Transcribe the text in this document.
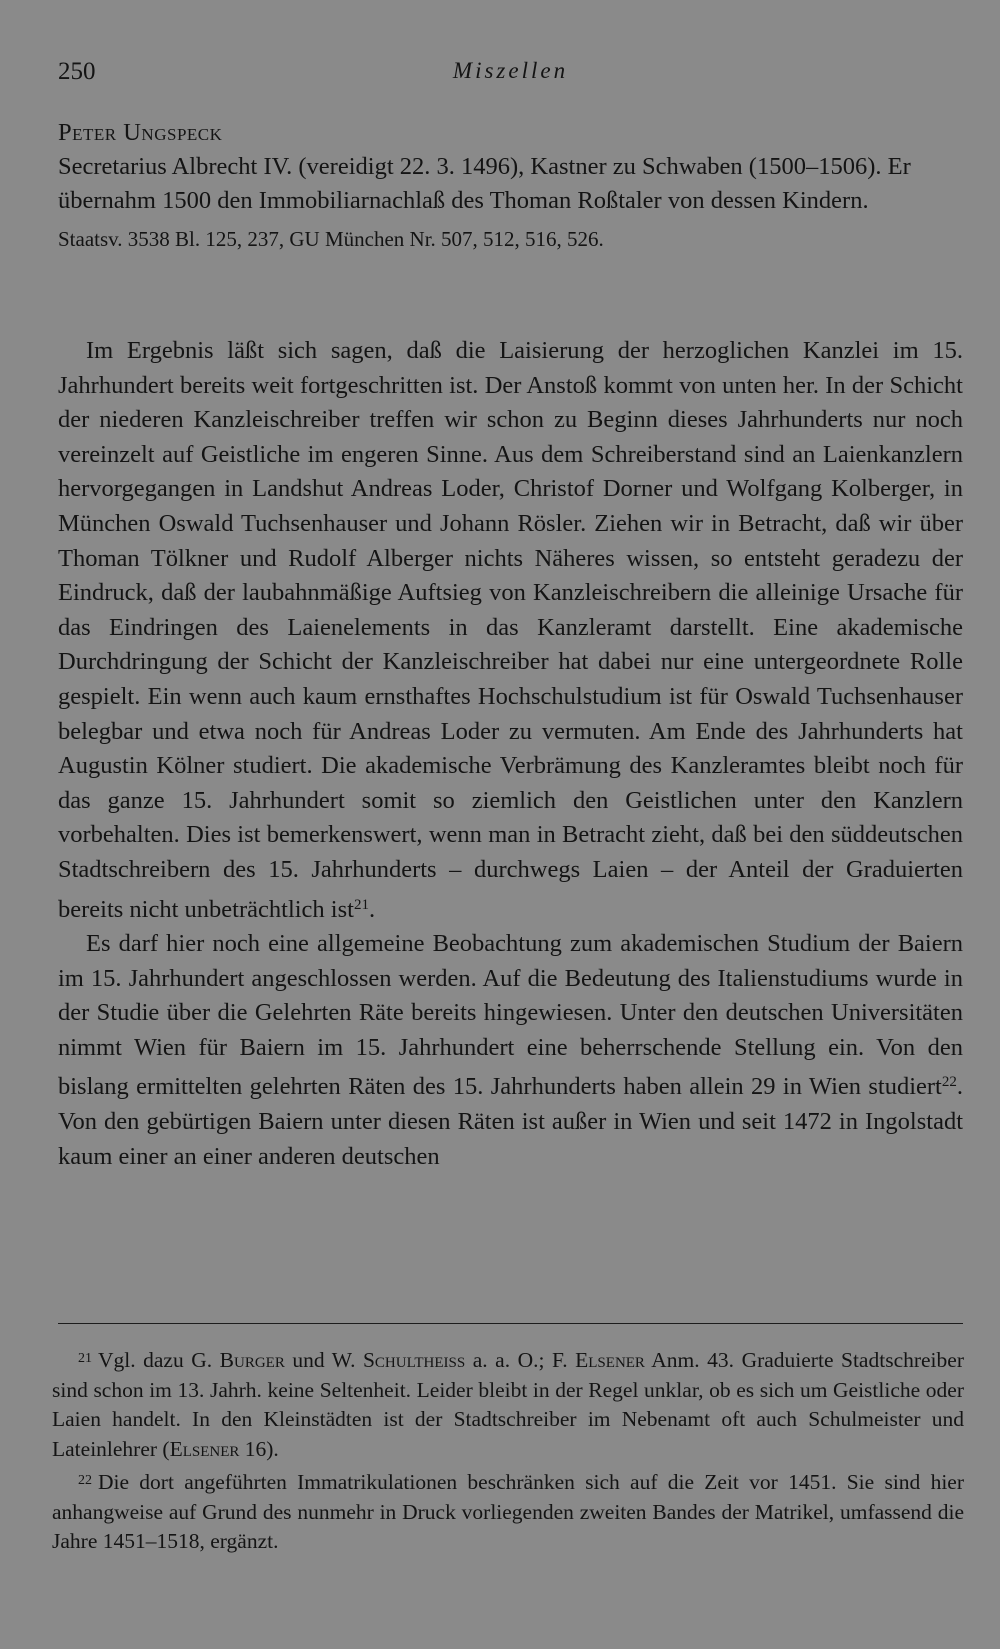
250	Miszellen
Peter Ungspeck
Secretarius Albrecht IV. (vereidigt 22. 3. 1496), Kastner zu Schwaben (1500–1506). Er übernahm 1500 den Immobiliarnachlaß des Thoman Roßtaler von dessen Kindern.
Staatsv. 3538 Bl. 125, 237, GU München Nr. 507, 512, 516, 526.

Im Ergebnis läßt sich sagen, daß die Laisierung der herzoglichen Kanzlei im 15. Jahrhundert bereits weit fortgeschritten ist. Der Anstoß kommt von unten her. In der Schicht der niederen Kanzleischreiber treffen wir schon zu Beginn dieses Jahrhunderts nur noch vereinzelt auf Geistliche im engeren Sinne. Aus dem Schreiberstand sind an Laienkanzlern hervorgegangen in Landshut Andreas Loder, Christof Dorner und Wolfgang Kolberger, in München Oswald Tuchsenhauser und Johann Rösler. Ziehen wir in Betracht, daß wir über Thoman Tölkner und Rudolf Alberger nichts Näheres wissen, so entsteht geradezu der Eindruck, daß der laubahnmäßige Auftsieg von Kanzleischreibern die alleinige Ursache für das Eindringen des Laienelements in das Kanzleramt darstellt. Eine akademische Durchdringung der Schicht der Kanzleischreiber hat dabei nur eine untergeordnete Rolle gespielt. Ein wenn auch kaum ernsthaftes Hochschulstudium ist für Oswald Tuchsenhauser belegbar und etwa noch für Andreas Loder zu vermuten. Am Ende des Jahrhunderts hat Augustin Kölner studiert. Die akademische Verbrämung des Kanzleramtes bleibt noch für das ganze 15. Jahrhundert somit so ziemlich den Geistlichen unter den Kanzlern vorbehalten. Dies ist bemerkenswert, wenn man in Betracht zieht, daß bei den süddeutschen Stadtschreibern des 15. Jahrhunderts – durchwegs Laien – der Anteil der Graduierten bereits nicht unbeträchtlich ist$^{21}$.

Es darf hier noch eine allgemeine Beobachtung zum akademischen Studium der Baiern im 15. Jahrhundert angeschlossen werden. Auf die Bedeutung des Italienstudiums wurde in der Studie über die Gelehrten Räte bereits hingewiesen. Unter den deutschen Universitäten nimmt Wien für Baiern im 15. Jahrhundert eine beherrschende Stellung ein. Von den bislang ermittelten gelehrten Räten des 15. Jahrhunderts haben allein 29 in Wien studiert$^{22}$. Von den gebürtigen Baiern unter diesen Räten ist außer in Wien und seit 1472 in Ingolstadt kaum einer an einer anderen deutschen

$^{21}$ Vgl. dazu G. Burger und W. Schultheiss a. a. O.; F. Elsener Anm. 43. Graduierte Stadtschreiber sind schon im 13. Jahrh. keine Seltenheit. Leider bleibt in der Regel unklar, ob es sich um Geistliche oder Laien handelt. In den Kleinstädten ist der Stadtschreiber im Nebenamt oft auch Schulmeister und Lateinlehrer (Elsener 16).

$^{22}$ Die dort angeführten Immatrikulationen beschränken sich auf die Zeit vor 1451. Sie sind hier anhangweise auf Grund des nunmehr in Druck vorliegenden zweiten Bandes der Matrikel, umfassend die Jahre 1451–1518, ergänzt.
